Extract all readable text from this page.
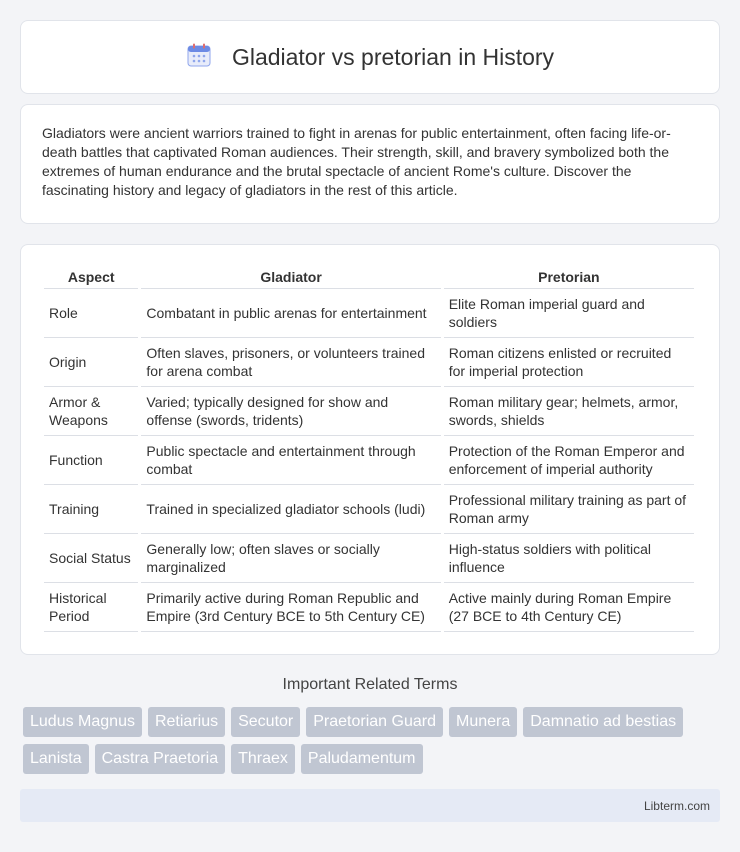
Gladiator vs pretorian in History

Gladiators were ancient warriors trained to fight in arenas for public entertainment, often facing life-or-death battles that captivated Roman audiences. Their strength, skill, and bravery symbolized both the extremes of human endurance and the brutal spectacle of ancient Rome's culture. Discover the fascinating history and legacy of gladiators in the rest of this article.

Aspect	Gladiator	Pretorian
Role	Combatant in public arenas for entertainment	Elite Roman imperial guard and soldiers
Origin	Often slaves, prisoners, or volunteers trained for arena combat	Roman citizens enlisted or recruited for imperial protection
Armor & Weapons	Varied; typically designed for show and offense (swords, tridents)	Roman military gear; helmets, armor, swords, shields
Function	Public spectacle and entertainment through combat	Protection of the Roman Emperor and enforcement of imperial authority
Training	Trained in specialized gladiator schools (ludi)	Professional military training as part of Roman army
Social Status	Generally low; often slaves or socially marginalized	High-status soldiers with political influence
Historical Period	Primarily active during Roman Republic and Empire (3rd Century BCE to 5th Century CE)	Active mainly during Roman Empire (27 BCE to 4th Century CE)
Important Related Terms
Ludus Magnus	Retiarius	Secutor	Praetorian Guard	Munera	Damnatio ad bestias
Lanista	Castra Praetoria	Thraex	Paludamentum
Libterm.com
